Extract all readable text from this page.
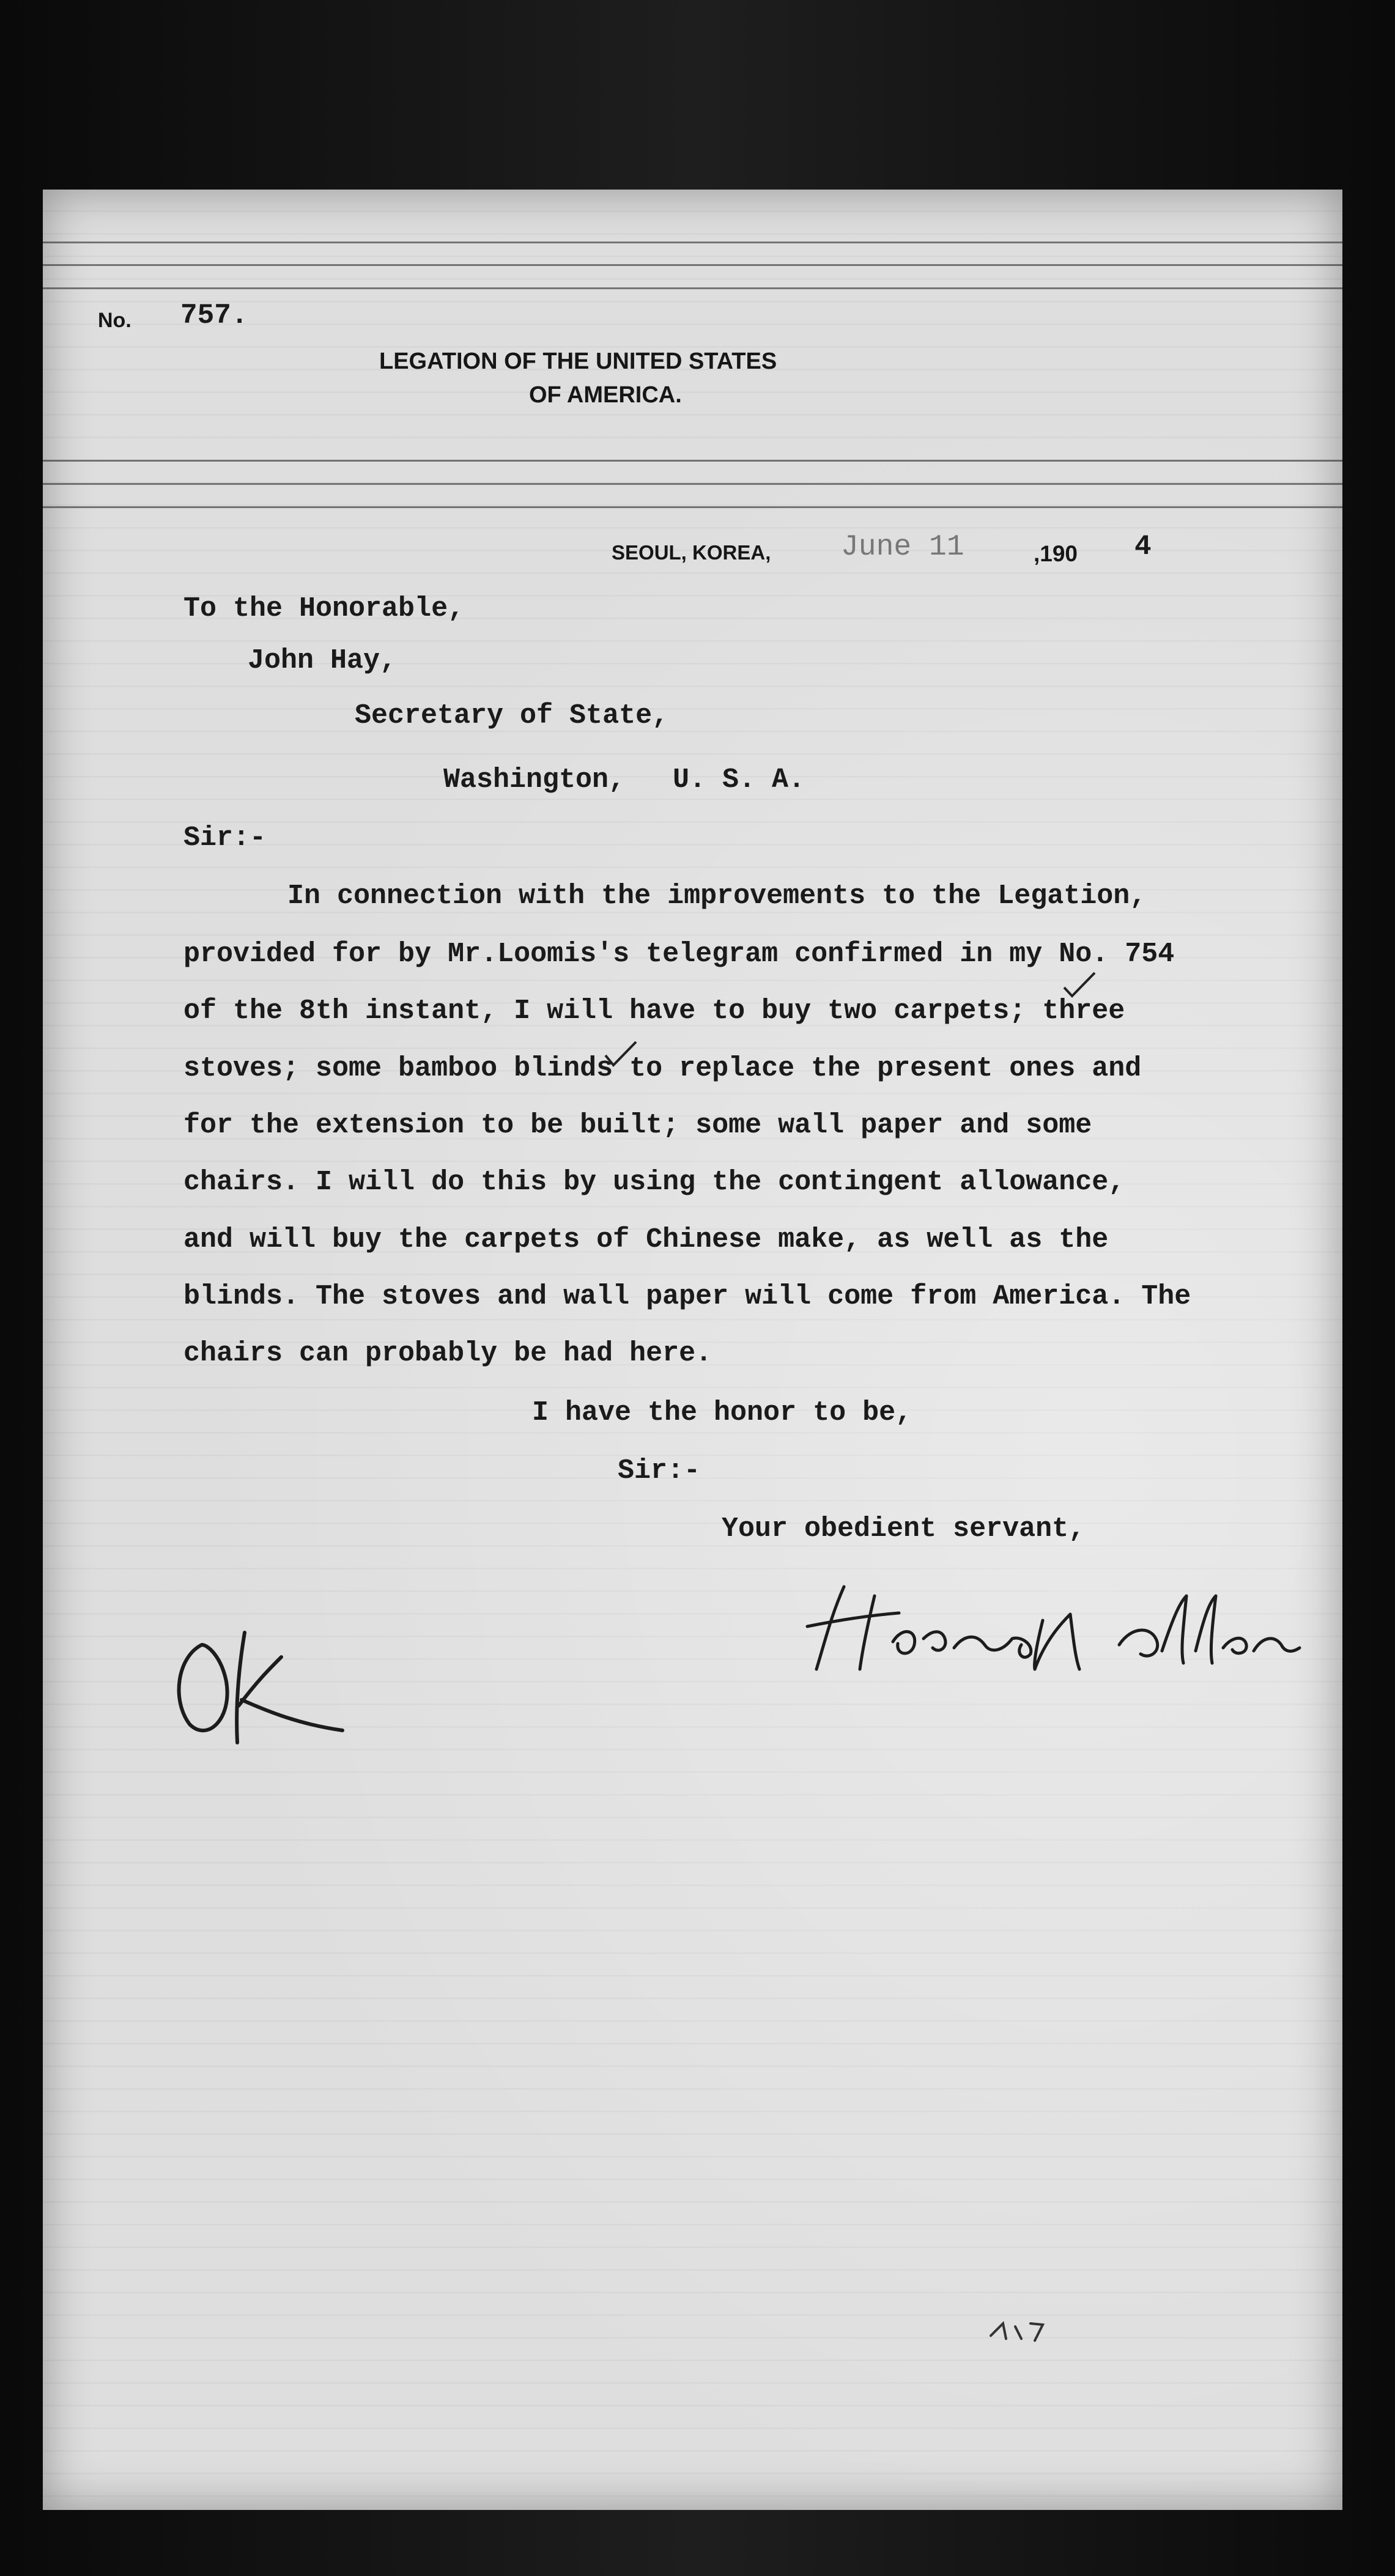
No. 757.
LEGATION OF THE UNITED STATES
OF AMERICA.
SEOUL, KOREA, June 11	,190 4
To the Honorable,
John Hay,
Secretary of State,
Washington, U. S. A.
Sir:-
In connection with the improvements to the Legation,
provided for by Mr.Loomis's telegram confirmed in my No. 754
of the 8th instant, I will have to buy two carpets; three
stoves; some bamboo blinds to replace the present ones and
for the extension to be built; some wall paper and some
chairs. I will do this by using the contingent allowance,
and will buy the carpets of Chinese make, as well as the
blinds. The stoves and wall paper will come from America. The
chairs can probably be had here.
I have the honor to be,
Sir:-
Your obedient servant,
